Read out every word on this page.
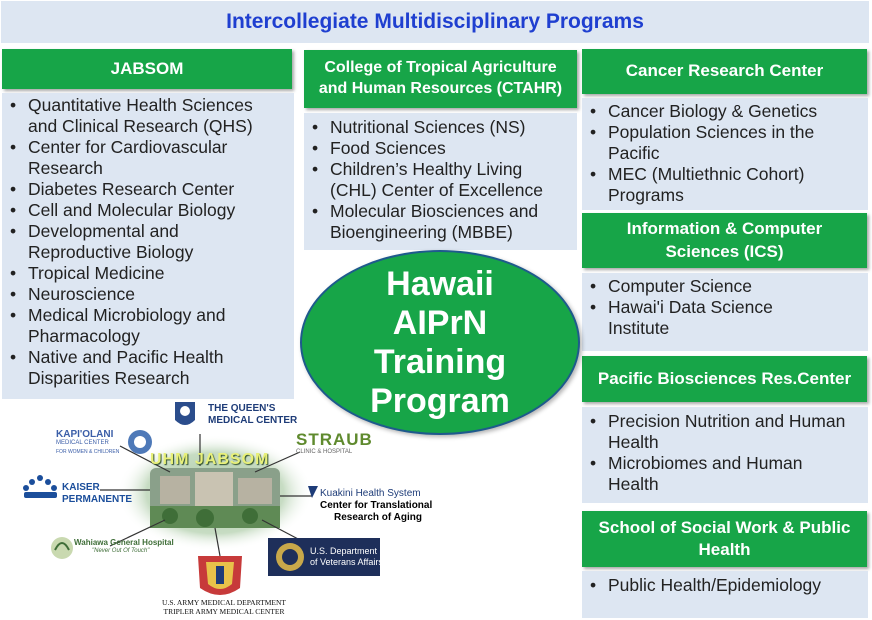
Intercollegiate Multidisciplinary Programs
JABSOM
• Quantitative Health Sciences and Clinical Research (QHS)
• Center for Cardiovascular Research
• Diabetes Research Center
• Cell and Molecular Biology
• Developmental and Reproductive Biology
• Tropical Medicine
• Neuroscience
• Medical Microbiology and Pharmacology
• Native and Pacific Health Disparities Research
College of Tropical Agriculture and Human Resources (CTAHR)
• Nutritional Sciences (NS)
• Food Sciences
• Children’s Healthy Living (CHL) Center of Excellence
• Molecular Biosciences and Bioengineering (MBBE)
Cancer Research Center
• Cancer Biology & Genetics
• Population Sciences in the Pacific
• MEC (Multiethnic Cohort) Programs
Information & Computer Sciences (ICS)
• Computer Science
• Hawai'i Data Science Institute
Pacific Biosciences Res.Center
• Precision Nutrition and Human Health
• Microbiomes and Human Health
School of Social Work & Public Health
• Public Health/Epidemiology
Hawaii
AIPrN
Training
Program
UHM JABSOM
THE QUEEN'S
MEDICAL CENTER
KAPI'OLANI
MEDICAL CENTER
FOR WOMEN & CHILDREN
STRAUB
CLINIC & HOSPITAL
KAISER
PERMANENTE
Kuakini Health System
Center for Translational
Research of Aging
Wahiawa General Hospital
"Never Out Of Touch"	U.S. Department
of Veterans Affairs
U.S. ARMY MEDICAL DEPARTMENT
TRIPLER ARMY MEDICAL CENTER
